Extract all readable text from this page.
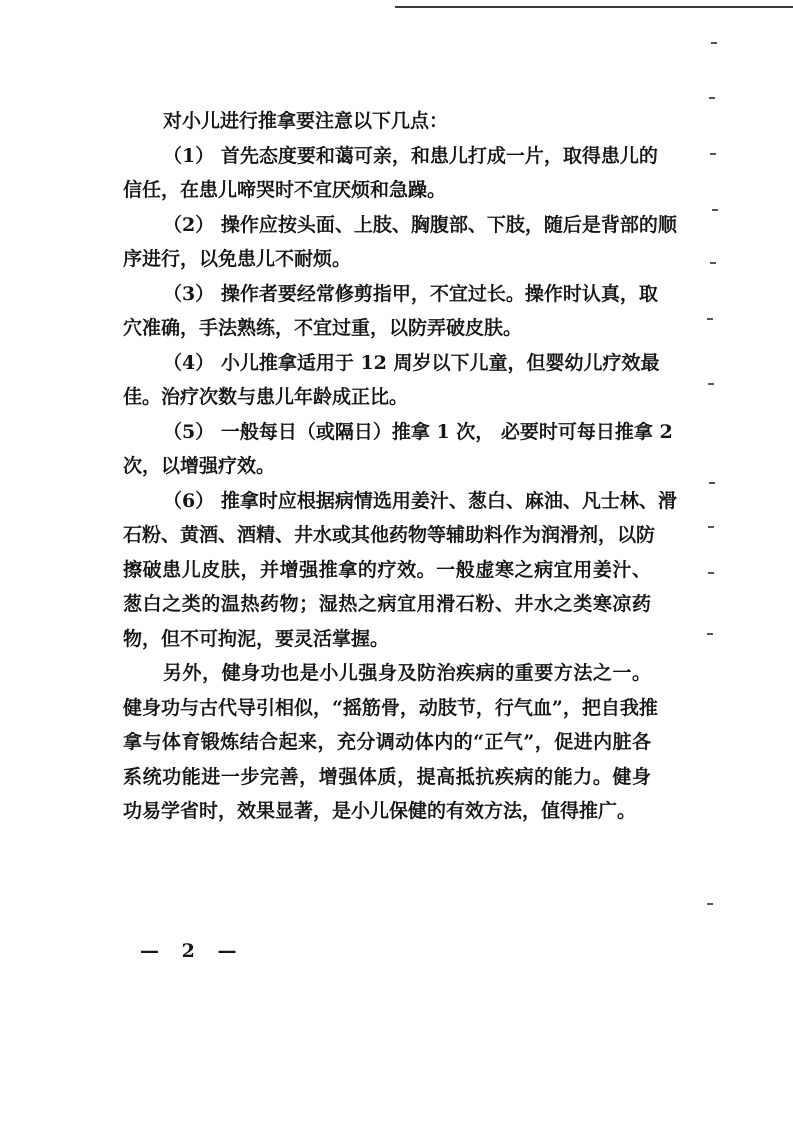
对小儿进行推拿要注意以下几点：
（1） 首先态度要和蔼可亲，和患儿打成一片，取得患儿的
信任，在患儿啼哭时不宜厌烦和急躁。
（2） 操作应按头面、上肢、胸腹部、下肢，随后是背部的顺
序进行，以免患儿不耐烦。
（3） 操作者要经常修剪指甲，不宜过长。操作时认真，取
穴准确，手法熟练，不宜过重，以防弄破皮肤。
（4） 小儿推拿适用于 12 周岁以下儿童，但婴幼儿疗效最
佳。治疗次数与患儿年龄成正比。
（5） 一般每日（或隔日）推拿 1 次， 必要时可每日推拿 2
次，以增强疗效。
（6） 推拿时应根据病情选用姜汁、葱白、麻油、凡士林、滑
石粉、黄酒、酒精、井水或其他药物等辅助料作为润滑剂，以防
擦破患儿皮肤，并增强推拿的疗效。一般虚寒之病宜用姜汁、
葱白之类的温热药物；湿热之病宜用滑石粉、井水之类寒凉药
物，但不可拘泥，要灵活掌握。
另外，健身功也是小儿强身及防治疾病的重要方法之一。
健身功与古代导引相似，“摇筋骨，动肢节，行气血”，把自我推
拿与体育锻炼结合起来，充分调动体内的“正气”，促进内脏各
系统功能进一步完善，增强体质，提高抵抗疾病的能力。健身
功易学省时，效果显著，是小儿保健的有效方法，值得推广。
— 2 —
